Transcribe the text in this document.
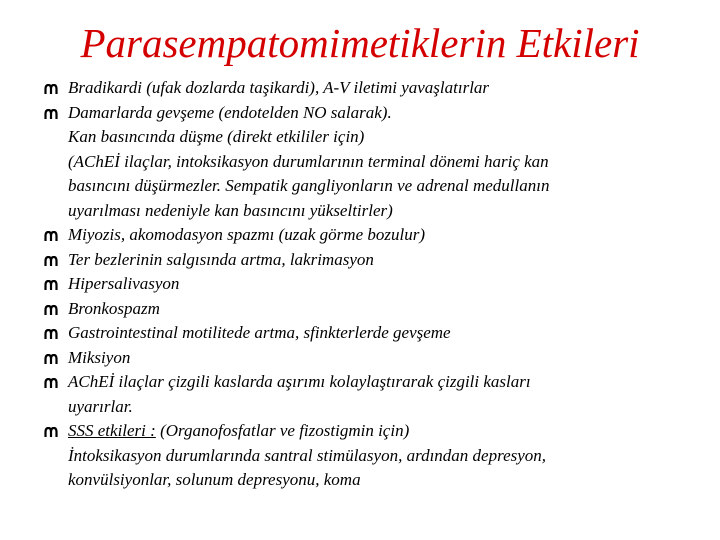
Parasempatomimetiklerin Etkileri
Bradikardi (ufak dozlarda taşikardi), A-V iletimi yavaşlatırlar
Damarlarda gevşeme (endotelden NO salarak).
Kan basıncında düşme (direkt etkililer için)
(AChEİ ilaçlar, intoksikasyon durumlarının terminal dönemi hariç kan
basıncını düşürmezler. Sempatik gangliyonların ve adrenal medullanın
uyarılması nedeniyle kan basıncını yükseltirler)
Miyozis, akomodasyon spazmı (uzak görme bozulur)
Ter bezlerinin salgısında artma, lakrimasyon
Hipersalivasyon
Bronkospazm
Gastrointestinal motilitede artma, sfinkterlerde gevşeme
Miksiyon
AChEİ ilaçlar çizgili kaslarda aşırımı kolaylaştırarak çizgili kasları
uyarırlar.
SSS etkileri : (Organofosfatlar ve fizostigmin için)
İntoksikasyon durumlarında santral stimülasyon, ardından depresyon,
konvülsiyonlar, solunum depresyonu, koma
